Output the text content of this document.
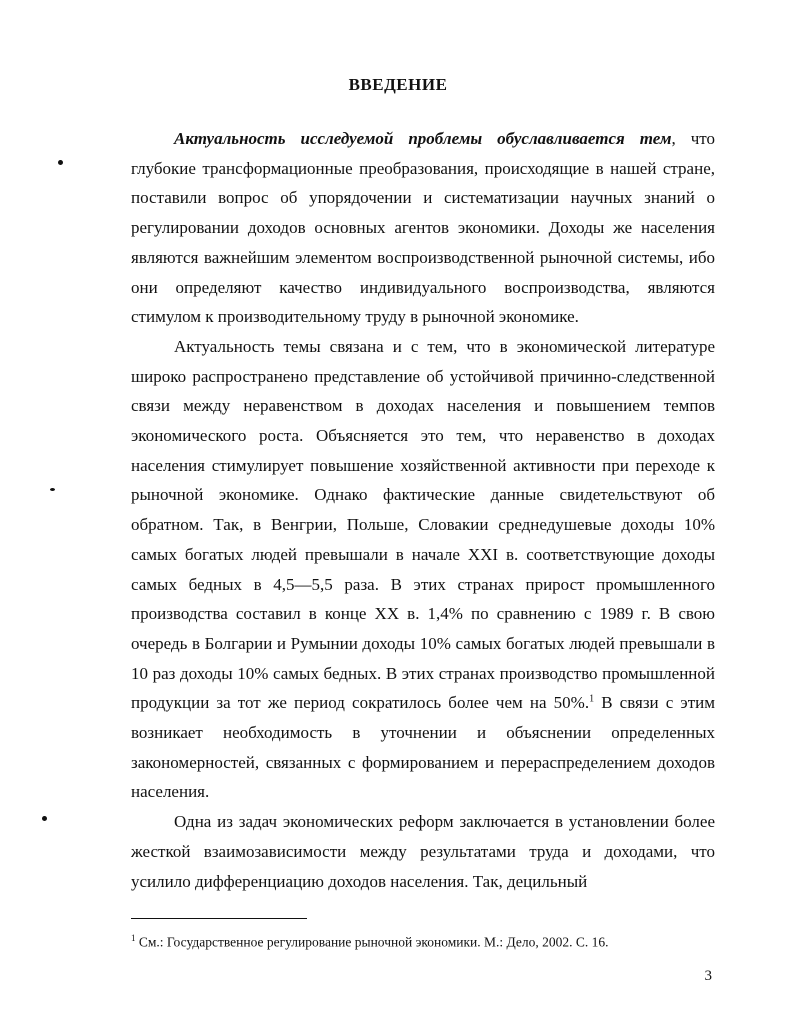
ВВЕДЕНИЕ

Актуальность исследуемой проблемы обуславливается тем, что глубокие трансформационные преобразования, происходящие в нашей стране, поставили вопрос об упорядочении и систематизации научных знаний о регулировании доходов основных агентов экономики. Доходы же населения являются важнейшим элементом воспроизводственной рыночной системы, ибо они определяют качество индивидуального воспроизводства, являются стимулом к производительному труду в рыночной экономике.

Актуальность темы связана и с тем, что в экономической литературе широко распространено представление об устойчивой причинно-следственной связи между неравенством в доходах населения и повышением темпов экономического роста. Объясняется это тем, что неравенство в доходах населения стимулирует повышение хозяйственной активности при переходе к рыночной экономике. Однако фактические данные свидетельствуют об обратном. Так, в Венгрии, Польше, Словакии среднедушевые доходы 10% самых богатых людей превышали в начале XXI в. соответствующие доходы самых бедных в 4,5—5,5 раза. В этих странах прирост промышленного производства составил в конце XX в. 1,4% по сравнению с 1989 г. В свою очередь в Болгарии и Румынии доходы 10% самых богатых людей превышали в 10 раз доходы 10% самых бедных. В этих странах производство промышленной продукции за тот же период сократилось более чем на 50%.$^1$ В связи с этим возникает необходимость в уточнении и объяснении определенных закономерностей, связанных с формированием и перераспределением доходов населения.

Одна из задач экономических реформ заключается в установлении более жесткой взаимозависимости между результатами труда и доходами, что усилило дифференциацию доходов населения. Так, децильный

$^1$ См.: Государственное регулирование рыночной экономики. М.: Дело, 2002. С. 16.
3
